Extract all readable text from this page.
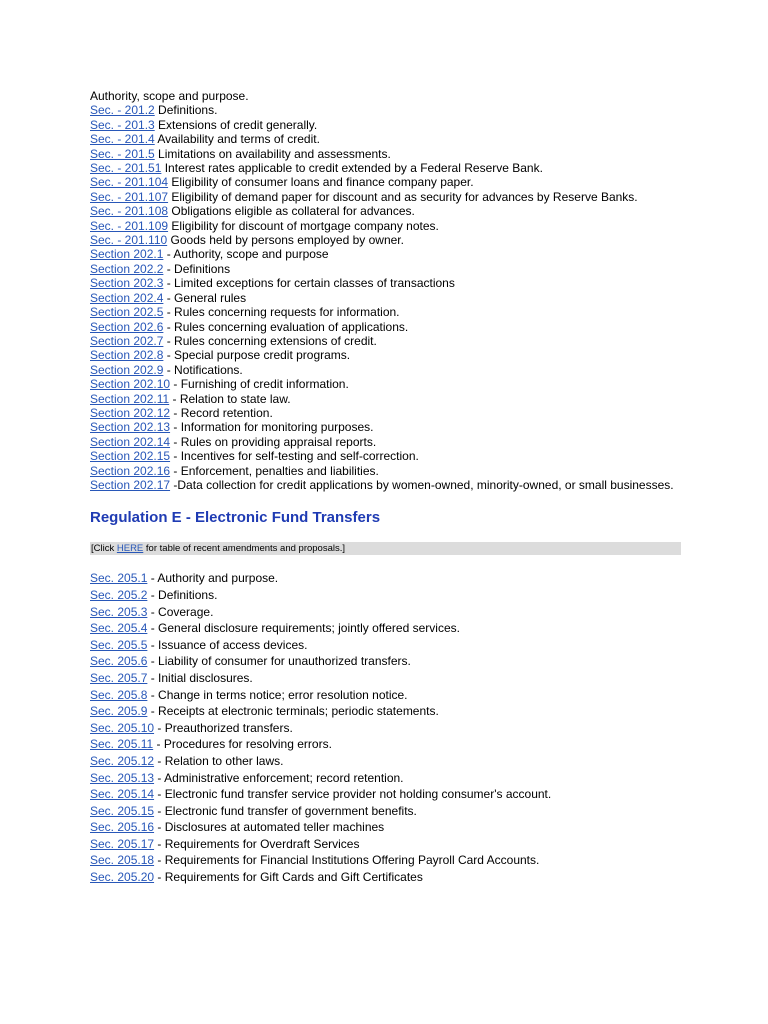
Authority, scope and purpose.
Sec. - 201.2 Definitions.
Sec. - 201.3 Extensions of credit generally.
Sec. - 201.4 Availability and terms of credit.
Sec. - 201.5 Limitations on availability and assessments.
Sec. - 201.51 Interest rates applicable to credit extended by a Federal Reserve Bank.
Sec. - 201.104 Eligibility of consumer loans and finance company paper.
Sec. - 201.107 Eligibility of demand paper for discount and as security for advances by Reserve Banks.
Sec. - 201.108 Obligations eligible as collateral for advances.
Sec. - 201.109 Eligibility for discount of mortgage company notes.
Sec. - 201.110 Goods held by persons employed by owner.
Section 202.1 - Authority, scope and purpose
Section 202.2 - Definitions
Section 202.3 - Limited exceptions for certain classes of transactions
Section 202.4 - General rules
Section 202.5 - Rules concerning requests for information.
Section 202.6 - Rules concerning evaluation of applications.
Section 202.7 - Rules concerning extensions of credit.
Section 202.8 - Special purpose credit programs.
Section 202.9 - Notifications.
Section 202.10 - Furnishing of credit information.
Section 202.11 - Relation to state law.
Section 202.12 - Record retention.
Section 202.13 - Information for monitoring purposes.
Section 202.14 - Rules on providing appraisal reports.
Section 202.15 - Incentives for self-testing and self-correction.
Section 202.16 - Enforcement, penalties and liabilities.
Section 202.17 -Data collection for credit applications by women-owned, minority-owned, or small businesses.
Regulation E - Electronic Fund Transfers
[Click HERE for table of recent amendments and proposals.]
Sec. 205.1 - Authority and purpose.
Sec. 205.2 - Definitions.
Sec. 205.3 - Coverage.
Sec. 205.4 - General disclosure requirements; jointly offered services.
Sec. 205.5 - Issuance of access devices.
Sec. 205.6 - Liability of consumer for unauthorized transfers.
Sec. 205.7 - Initial disclosures.
Sec. 205.8 - Change in terms notice; error resolution notice.
Sec. 205.9 - Receipts at electronic terminals; periodic statements.
Sec. 205.10 - Preauthorized transfers.
Sec. 205.11 - Procedures for resolving errors.
Sec. 205.12 - Relation to other laws.
Sec. 205.13 - Administrative enforcement; record retention.
Sec. 205.14 - Electronic fund transfer service provider not holding consumer's account.
Sec. 205.15 - Electronic fund transfer of government benefits.
Sec. 205.16 - Disclosures at automated teller machines
Sec. 205.17 - Requirements for Overdraft Services
Sec. 205.18 - Requirements for Financial Institutions Offering Payroll Card Accounts.
Sec. 205.20 - Requirements for Gift Cards and Gift Certificates
